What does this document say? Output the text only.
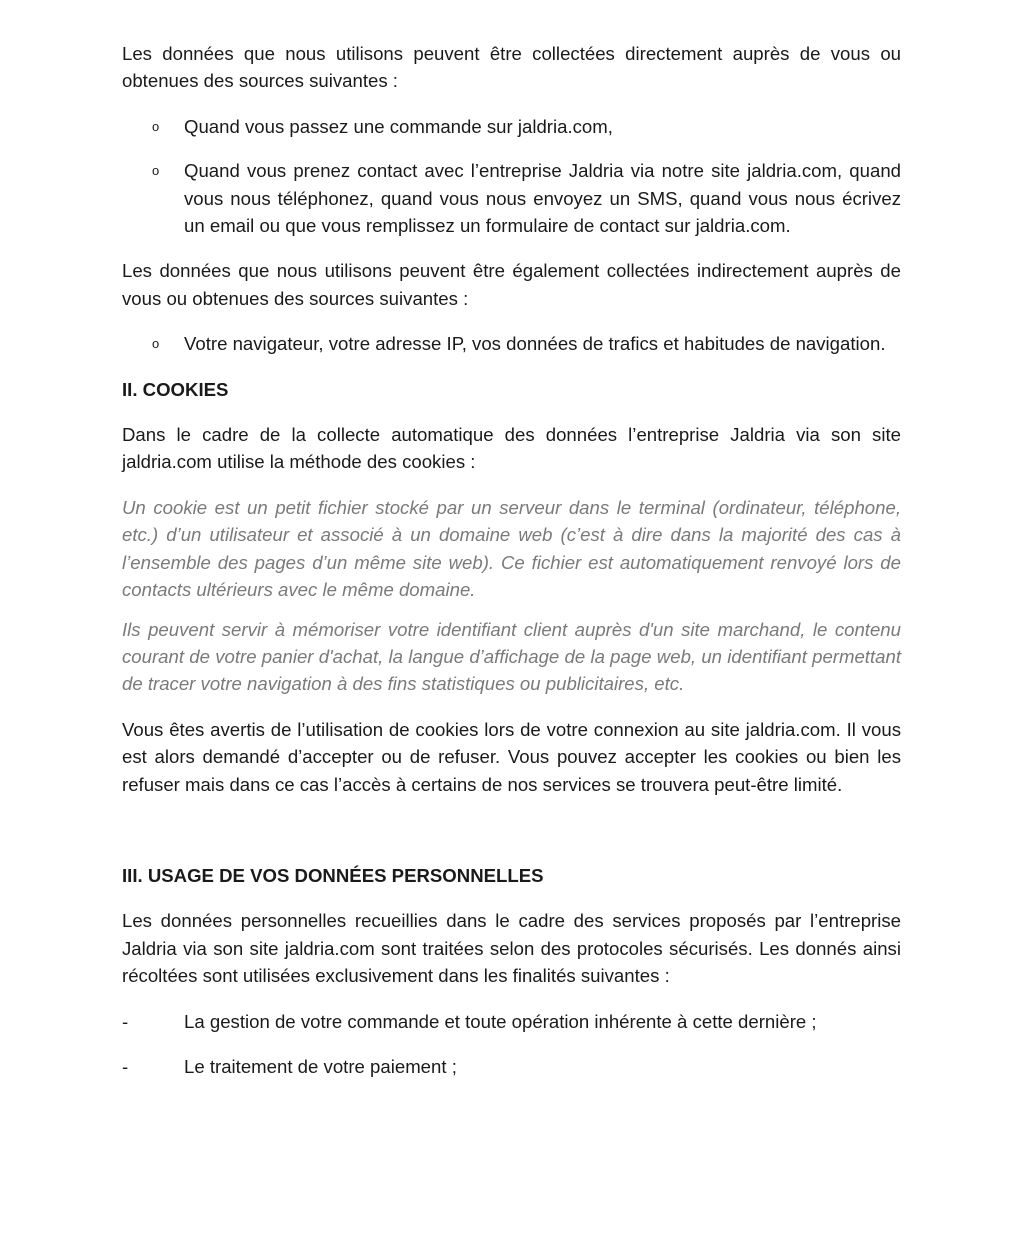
Les données que nous utilisons peuvent être collectées directement auprès de vous ou obtenues des sources suivantes :

o Quand vous passez une commande sur jaldria.com,
o Quand vous prenez contact avec l’entreprise Jaldria via notre site jaldria.com, quand vous nous téléphonez, quand vous nous envoyez un SMS, quand vous nous écrivez un email ou que vous remplissez un formulaire de contact sur jaldria.com.

Les données que nous utilisons peuvent être également collectées indirectement auprès de vous ou obtenues des sources suivantes :

o Votre navigateur, votre adresse IP, vos données de trafics et habitudes de navigation.
II. COOKIES

Dans le cadre de la collecte automatique des données l’entreprise Jaldria via son site jaldria.com utilise la méthode des cookies :

Un cookie est un petit fichier stocké par un serveur dans le terminal (ordinateur, téléphone, etc.) d’un utilisateur et associé à un domaine web (c’est à dire dans la majorité des cas à l’ensemble des pages d’un même site web). Ce fichier est automatiquement renvoyé lors de contacts ultérieurs avec le même domaine.

Ils peuvent servir à mémoriser votre identifiant client auprès d'un site marchand, le contenu courant de votre panier d'achat, la langue d’affichage de la page web, un identifiant permettant de tracer votre navigation à des fins statistiques ou publicitaires, etc.

Vous êtes avertis de l’utilisation de cookies lors de votre connexion au site jaldria.com. Il vous est alors demandé d’accepter ou de refuser. Vous pouvez accepter les cookies ou bien les refuser mais dans ce cas l’accès à certains de nos services se trouvera peut-être limité.

III. USAGE DE VOS DONNÉES PERSONNELLES

Les données personnelles recueillies dans le cadre des services proposés par l’entreprise Jaldria via son site jaldria.com sont traitées selon des protocoles sécurisés. Les donnés ainsi récoltées sont utilisées exclusivement dans les finalités suivantes :

-	La gestion de votre commande et toute opération inhérente à cette dernière ;
-	Le traitement de votre paiement ;
